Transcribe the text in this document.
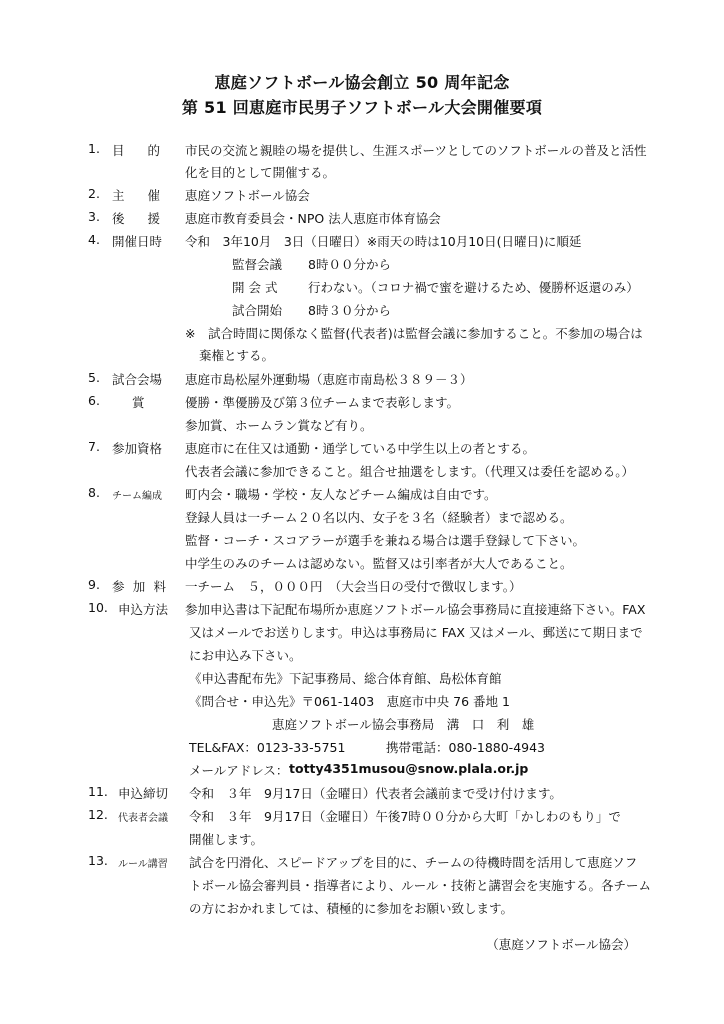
恵庭ソフトボール協会創立 50 周年記念
第 51 回恵庭市民男子ソフトボール大会開催要項
1. 目 的 市民の交流と親睦の場を提供し、生涯スポーツとしてのソフトボールの普及と活性
化を目的として開催する。
2. 主 催 恵庭ソフトボール協会
3. 後 援 恵庭市教育委員会・NPO 法人恵庭市体育協会
4. 開催日時	令和　3年10月　3日（日曜日）※雨天の時は10月10日(日曜日)に順延
監督会議	8時００分から
開 会 式	行わない。（コロナ禍で蜜を避けるため、優勝杯返還のみ）
試合開始	8時３０分から
※　試合時間に関係なく監督(代表者)は監督会議に参加すること。不参加の場合は
棄権とする。
5. 試合会場	恵庭市島松屋外運動場（恵庭市南島松３８９－３）
6.	賞	優勝・準優勝及び第３位チームまで表彰します。
参加賞、ホームラン賞など有り。
7. 参加資格	恵庭市に在住又は通勤・通学している中学生以上の者とする。
代表者会議に参加できること。組合せ抽選をします。（代理又は委任を認める。）
8. チーム編成	町内会・職場・学校・友人などチーム編成は自由です。
登録人員は一チーム２０名以内、女子を３名（経験者）まで認める。
監督・コーチ・スコアラーが選手を兼ねる場合は選手登録して下さい。
中学生のみのチームは認めない。監督又は引率者が大人であること。
9. 参 加 料 一チーム　５，０００円　（大会当日の受付で徴収します。）
10. 申込方法	参加申込書は下記配布場所か恵庭ソフトボール協会事務局に直接連絡下さい。FAX
又はメールでお送りします。申込は事務局に FAX 又はメール、郵送にて期日まで
にお申込み下さい。
《申込書配布先》下記事務局、総合体育館、島松体育館
《問合せ・申込先》〒061-1403　恵庭市中央 76 番地 1
恵庭ソフトボール協会事務局　溝　口　利　雄
TEL&FAX：0123-33-5751	携帯電話：080-1880-4943
メールアドレス： totty4351musou@snow.plala.or.jp
11. 申込締切	令和　３年　9月17日（金曜日）代表者会議前まで受け付けます。
12. 代表者会議	令和　３年　9月17日（金曜日）午後7時００分から大町「かしわのもり」で
開催します。
13. ルール講習	試合を円滑化、スピードアップを目的に、チームの待機時間を活用して恵庭ソフ
トボール協会審判員・指導者により、ルール・技術と講習会を実施する。各チーム
の方におかれましては、積極的に参加をお願い致します。
（恵庭ソフトボール協会）
